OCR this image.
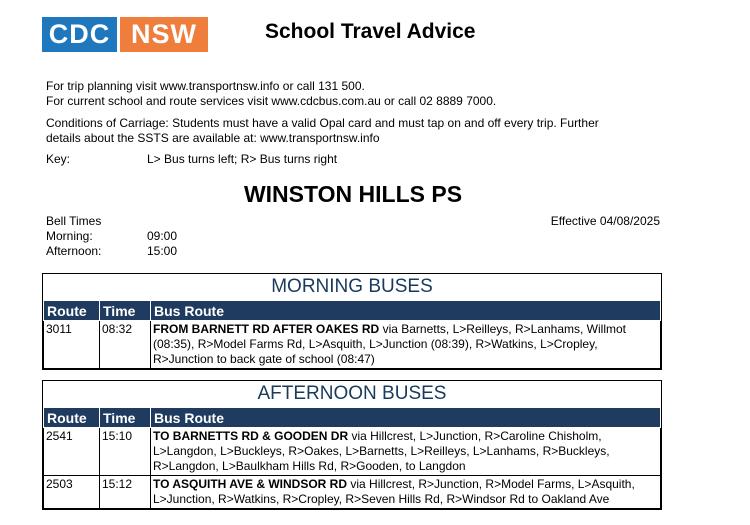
CDC NSW	School Travel Advice
For trip planning visit www.transportnsw.info or call 131 500.
For current school and route services visit www.cdcbus.com.au or call 02 8889 7000.
Conditions of Carriage: Students must have a valid Opal card and must tap on and off every trip. Further
details about the SSTS are available at: www.transportnsw.info
Key:	L> Bus turns left; R> Bus turns right
WINSTON HILLS PS
Bell Times	Effective 04/08/2025
Morning:	09:00
Afternoon:	15:00
MORNING BUSES
Route	Time	Bus Route
3011	08:32	FROM BARNETT RD AFTER OAKES RD via Barnetts, L>Reilleys, R>Lanhams, Willmot (08:35), R>Model Farms Rd, L>Asquith, L>Junction (08:39), R>Watkins, L>Cropley, R>Junction to back gate of school (08:47)
AFTERNOON BUSES
Route	Time	Bus Route
2541	15:10	TO BARNETTS RD & GOODEN DR via Hillcrest, L>Junction, R>Caroline Chisholm, L>Langdon, L>Buckleys, R>Oakes, L>Barnetts, L>Reilleys, L>Lanhams, R>Buckleys, R>Langdon, L>Baulkham Hills Rd, R>Gooden, to Langdon
2503	15:12	TO ASQUITH AVE & WINDSOR RD via Hillcrest, R>Junction, R>Model Farms, L>Asquith, L>Junction, R>Watkins, R>Cropley, R>Seven Hills Rd, R>Windsor Rd to Oakland Ave
